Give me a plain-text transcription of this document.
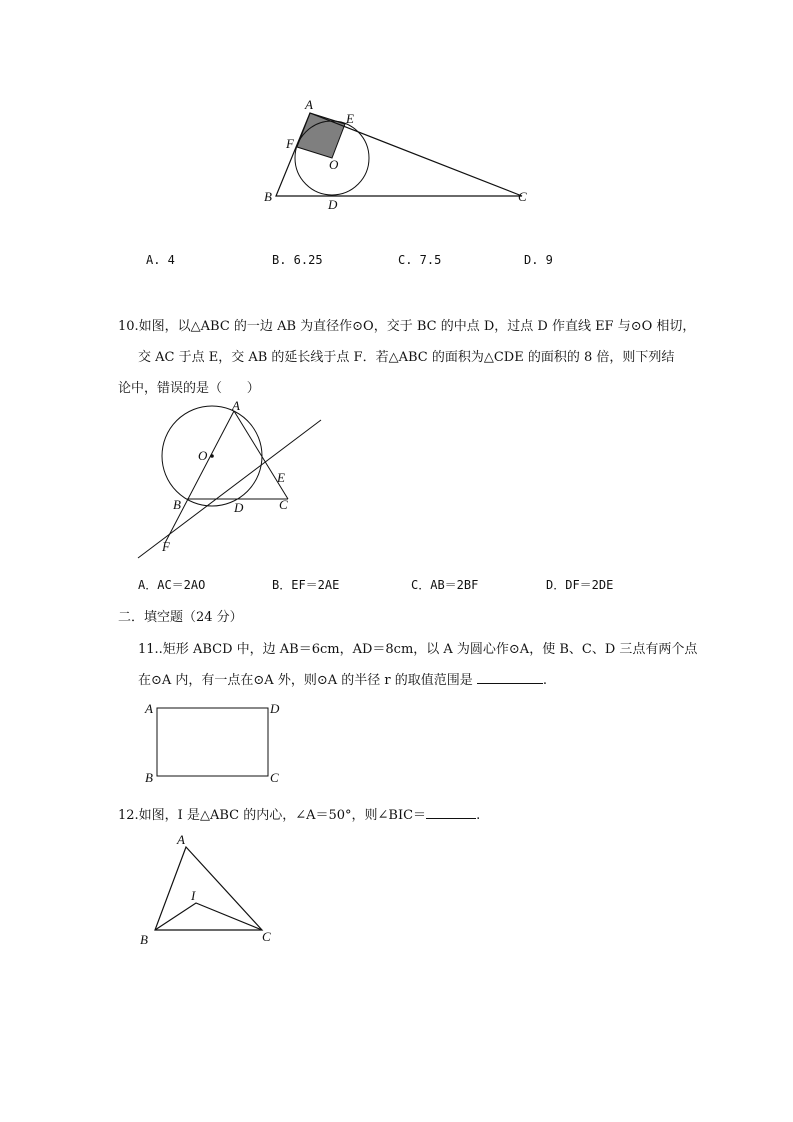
A
E
F
O
B
D
C
A. 4	B. 6.25	C. 7.5	D. 9
10.如图，以△ABC 的一边 AB 为直径作⊙O，交于 BC 的中点 D，过点 D 作直线 EF 与⊙O 相切，
交 AC 于点 E，交 AB 的延长线于点 F．若△ABC 的面积为△CDE 的面积的 8 倍，则下列结
论中，错误的是（      ）
A
O
E
B	D	C
F
A．AC＝2AO	B．EF＝2AE	C．AB＝2BF	D．DF＝2DE
二．填空题（24 分）
11..矩形 ABCD 中，边 AB＝6cm，AD＝8cm，以 A 为圆心作⊙A，使 B、C、D 三点有两个点
在⊙A 内，有一点在⊙A 外，则⊙A 的半径 r 的取值范围是	.
A	D
B	C
12.如图，I 是△ABC 的内心，∠A＝50°，则∠BIC＝	.
A
I
B	C
